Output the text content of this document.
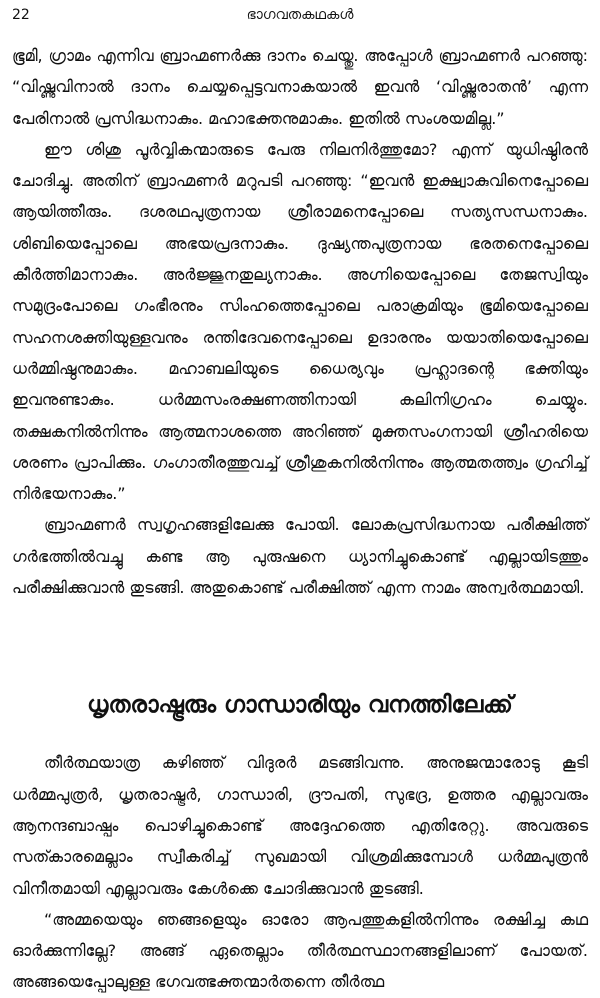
22	ഭാഗവതകഥകൾ

ഭൂമി, ഗ്രാമം എന്നിവ ബ്രാഹ്മണർക്കു ദാനം ചെയ്തു. അപ്പോൾ ബ്രാഹ്മണർ പറഞ്ഞു: “വിഷ്ണുവിനാൽ ദാനം ചെയ്യപ്പെട്ടവനാകയാൽ ഇവൻ ‘വിഷ്ണുരാതൻ’ എന്ന പേരിനാൽ പ്രസിദ്ധനാകും. മഹാഭക്തനുമാകും. ഇതിൽ സംശയമില്ല.”

ഈ ശിശു പൂർവ്വികന്മാരുടെ പേരു നിലനിർത്തുമോ? എന്ന് യുധിഷ്ഠിരൻ ചോദിച്ചു. അതിന് ബ്രാഹ്മണർ മറുപടി പറഞ്ഞു: “ഇവൻ ഇക്ഷ്വാകുവിനെപ്പോലെ ആയിത്തീരും. ദശരഥപുത്രനായ ശ്രീരാമനെപ്പോലെ സത്യസന്ധനാകും. ശിബിയെപ്പോലെ അഭയപ്രദനാകും. ദുഷ്യന്തപുത്രനായ ഭരതനെപ്പോലെ കീർത്തിമാനാകും. അർജ്ജുനതുല്യനാകും. അഗ്നിയെപ്പോലെ തേജസ്വിയും സമുദ്രംപോലെ ഗംഭീരനും സിംഹത്തെപ്പോലെ പരാക്രമിയും ഭൂമിയെപ്പോലെ സഹനശക്തിയുള്ളവനും രന്തിദേവനെപ്പോലെ ഉദാരനും യയാതിയെപ്പോലെ ധർമ്മിഷ്ഠനുമാകും. മഹാബലിയുടെ ധൈര്യവും പ്രഹ്ലാദന്റെ ഭക്തിയും ഇവനുണ്ടാകും. ധർമ്മസംരക്ഷണത്തിനായി കലിനിഗ്രഹം ചെയ്യും. തക്ഷകനിൽനിന്നും ആത്മനാശത്തെ അറിഞ്ഞ് മുക്തസംഗനായി ശ്രീഹരിയെ ശരണം പ്രാപിക്കും. ഗംഗാതീരത്തുവച്ച് ശ്രീശുകനിൽനിന്നും ആത്മതത്ത്വം ഗ്രഹിച്ച് നിർഭയനാകും.”

ബ്രാഹ്മണർ സ്വഗൃഹങ്ങളിലേക്കു പോയി. ലോകപ്രസിദ്ധനായ പരീക്ഷിത്ത് ഗർഭത്തിൽവച്ചു കണ്ട ആ പുരുഷനെ ധ്യാനിച്ചുകൊണ്ട് എല്ലായിടത്തും പരീക്ഷിക്കുവാൻ തുടങ്ങി. അതുകൊണ്ട് പരീക്ഷിത്ത് എന്ന നാമം അന്വർത്ഥമായി.

ധൃതരാഷ്ട്രരും ഗാന്ധാരിയും വനത്തിലേക്ക്

തീർത്ഥയാത്ര കഴിഞ്ഞ് വിദുരർ മടങ്ങിവന്നു. അനുജന്മാരോടു കൂടി ധർമ്മപുത്രർ, ധൃതരാഷ്ട്രർ, ഗാന്ധാരി, ദ്രൗപതി, സുഭദ്ര, ഉത്തര എല്ലാവരും ആനന്ദബാഷ്പം പൊഴിച്ചുകൊണ്ട് അദ്ദേഹത്തെ എതിരേറ്റു. അവരുടെ സത്കാരമെല്ലാം സ്വീകരിച്ച് സുഖമായി വിശ്രമിക്കുമ്പോൾ ധർമ്മപുത്രൻ വിനീതമായി എല്ലാവരും കേൾക്കെ ചോദിക്കുവാൻ തുടങ്ങി.

“അമ്മയെയും ഞങ്ങളെയും ഓരോ ആപത്തുകളിൽനിന്നും രക്ഷിച്ച കഥ ഓർക്കുന്നില്ലേ? അങ്ങ് ഏതെല്ലാം തീർത്ഥസ്ഥാനങ്ങളിലാണ് പോയത്. അങ്ങയെപ്പോലുള്ള ഭഗവത്ഭക്തന്മാർതന്നെ തീർത്ഥ
